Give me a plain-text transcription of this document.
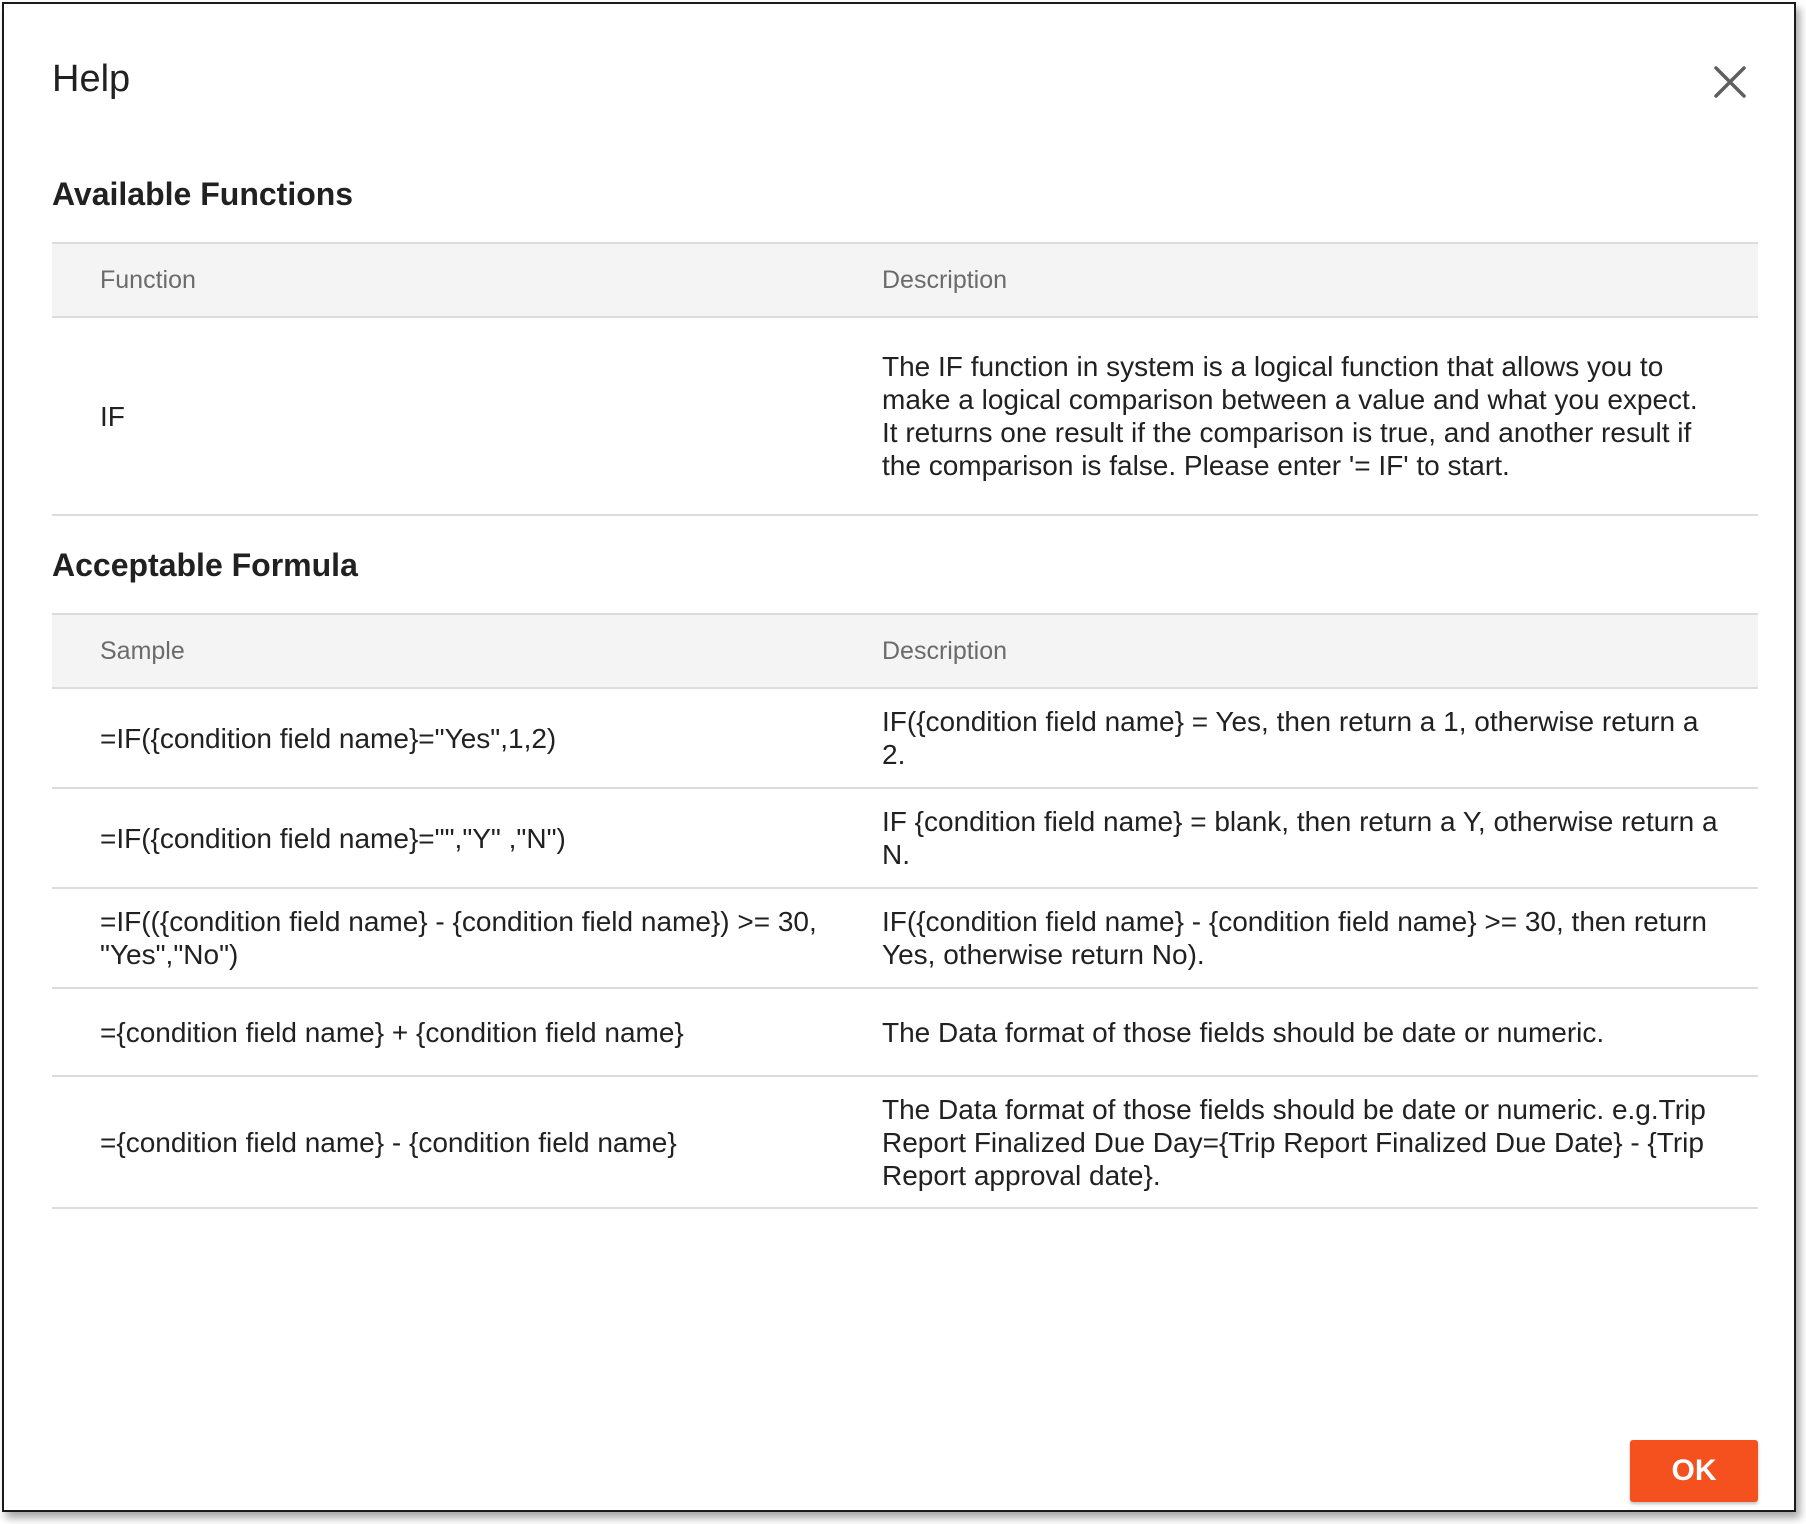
Help
Available Functions
Function	Description
IF	The IF function in system is a logical function that allows you to make a logical comparison between a value and what you expect. It returns one result if the comparison is true, and another result if the comparison is false. Please enter '= IF' to start.
Acceptable Formula
Sample	Description
=IF({condition field name}="Yes",1,2)	IF({condition field name} = Yes, then return a 1, otherwise return a 2.
=IF({condition field name}="","Y" ,"N")	IF {condition field name} = blank, then return a Y, otherwise return a N.
=IF(({condition field name} - {condition field name}) >= 30, "Yes","No")	IF({condition field name} - {condition field name} >= 30, then return Yes, otherwise return No).
={condition field name} + {condition field name}	The Data format of those fields should be date or numeric.
={condition field name} - {condition field name}	The Data format of those fields should be date or numeric. e.g.Trip Report Finalized Due Day={Trip Report Finalized Due Date} - {Trip Report approval date}.
OK
